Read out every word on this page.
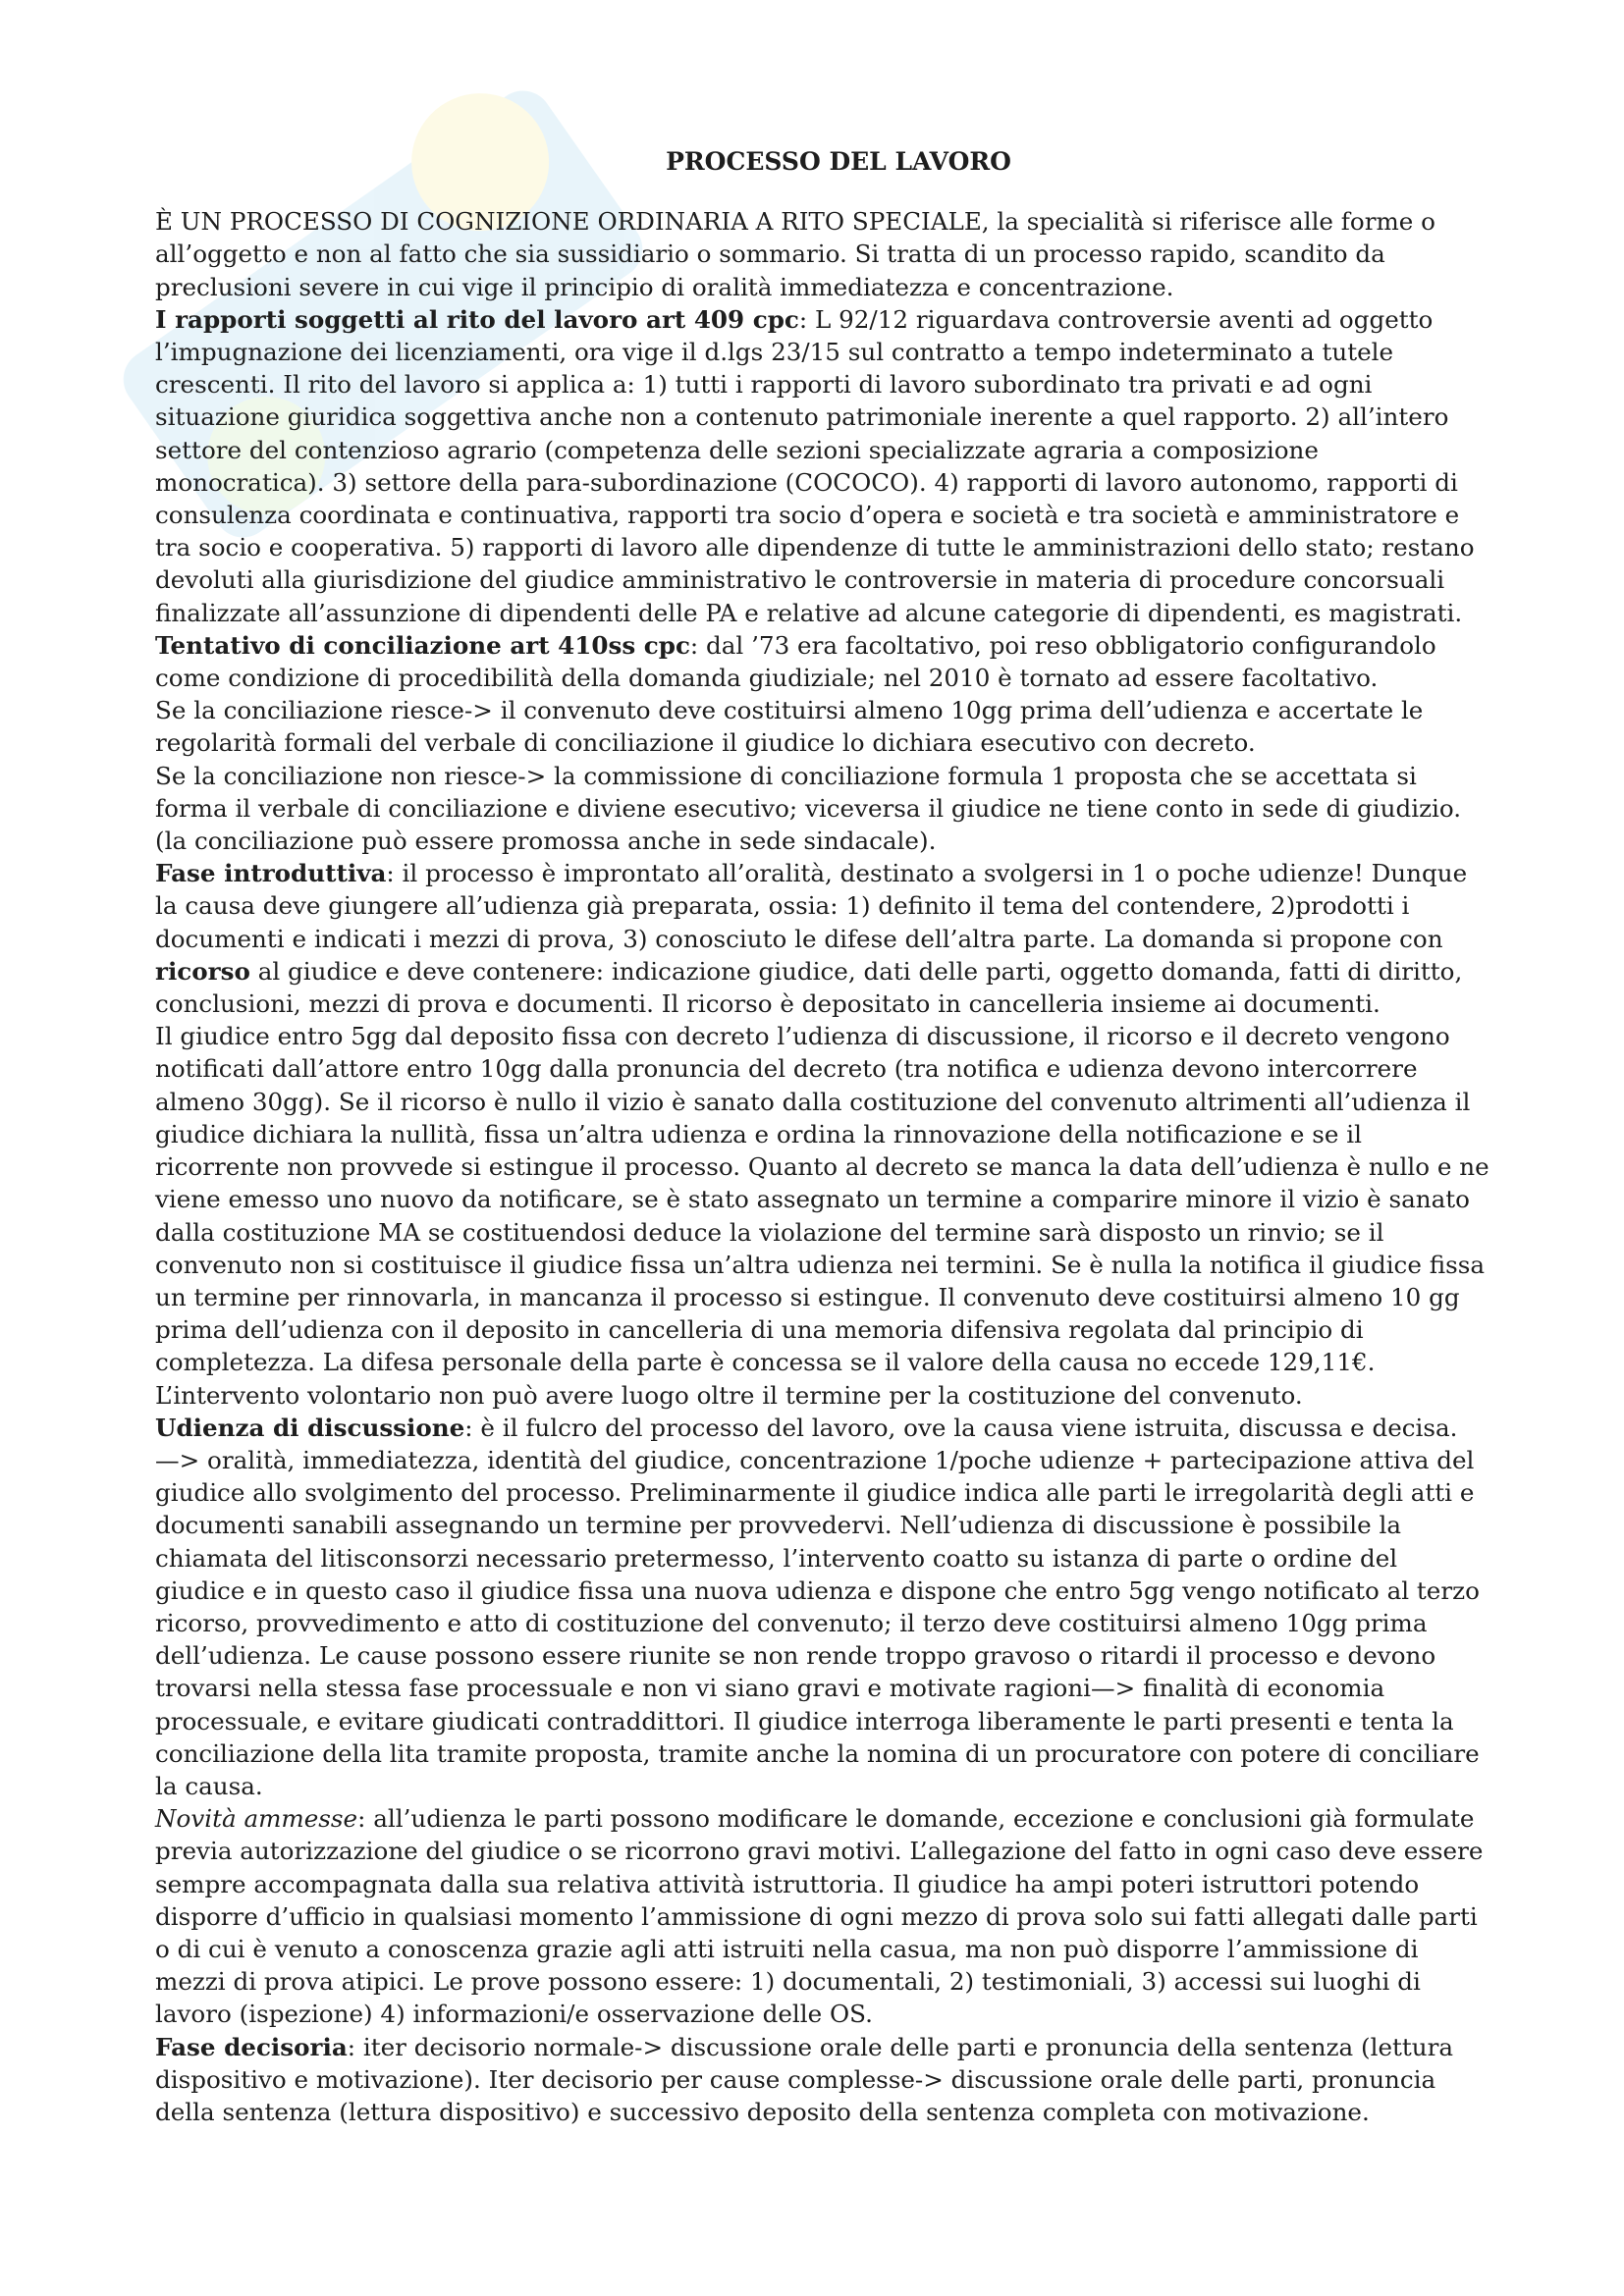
PROCESSO DEL LAVORO

È UN PROCESSO DI COGNIZIONE ORDINARIA A RITO SPECIALE, la specialità si riferisce alle forme o all’oggetto e non al fatto che sia sussidiario o sommario. Si tratta di un processo rapido, scandito da preclusioni severe in cui vige il principio di oralità immediatezza e concentrazione.

I rapporti soggetti al rito del lavoro art 409 cpc: L 92/12 riguardava controversie aventi ad oggetto l’impugnazione dei licenziamenti, ora vige il d.lgs 23/15 sul contratto a tempo indeterminato a tutele crescenti. Il rito del lavoro si applica a: 1) tutti i rapporti di lavoro subordinato tra privati e ad ogni situazione giuridica soggettiva anche non a contenuto patrimoniale inerente a quel rapporto. 2) all’intero settore del contenzioso agrario (competenza delle sezioni specializzate agraria a composizione monocratica). 3) settore della para-subordinazione (COCOCO). 4) rapporti di lavoro autonomo, rapporti di consulenza coordinata e continuativa, rapporti tra socio d’opera e società e tra società e amministratore e tra socio e cooperativa. 5) rapporti di lavoro alle dipendenze di tutte le amministrazioni dello stato; restano devoluti alla giurisdizione del giudice amministrativo le controversie in materia di procedure concorsuali finalizzate all’assunzione di dipendenti delle PA e relative ad alcune categorie di dipendenti, es magistrati.

Tentativo di conciliazione art 410ss cpc: dal ’73 era facoltativo, poi reso obbligatorio configurandolo come condizione di procedibilità della domanda giudiziale; nel 2010 è tornato ad essere facoltativo.

Se la conciliazione riesce-> il convenuto deve costituirsi almeno 10gg prima dell’udienza e accertate le regolarità formali del verbale di conciliazione il giudice lo dichiara esecutivo con decreto.

Se la conciliazione non riesce-> la commissione di conciliazione formula 1 proposta che se accettata si forma il verbale di conciliazione e diviene esecutivo; viceversa il giudice ne tiene conto in sede di giudizio.

(la conciliazione può essere promossa anche in sede sindacale).

Fase introduttiva: il processo è improntato all’oralità, destinato a svolgersi in 1 o poche udienze! Dunque la causa deve giungere all’udienza già preparata, ossia: 1) definito il tema del contendere, 2)prodotti i documenti e indicati i mezzi di prova, 3) conosciuto le difese dell’altra parte. La domanda si propone con ricorso al giudice e deve contenere: indicazione giudice, dati delle parti, oggetto domanda, fatti di diritto, conclusioni, mezzi di prova e documenti. Il ricorso è depositato in cancelleria insieme ai documenti.

Il giudice entro 5gg dal deposito fissa con decreto l’udienza di discussione, il ricorso e il decreto vengono notificati dall’attore entro 10gg dalla pronuncia del decreto (tra notifica e udienza devono intercorrere almeno 30gg). Se il ricorso è nullo il vizio è sanato dalla costituzione del convenuto altrimenti all’udienza il giudice dichiara la nullità, fissa un’altra udienza e ordina la rinnovazione della notificazione e se il ricorrente non provvede si estingue il processo. Quanto al decreto se manca la data dell’udienza è nullo e ne viene emesso uno nuovo da notificare, se è stato assegnato un termine a comparire minore il vizio è sanato dalla costituzione MA se costituendosi deduce la violazione del termine sarà disposto un rinvio; se il convenuto non si costituisce il giudice fissa un’altra udienza nei termini. Se è nulla la notifica il giudice fissa un termine per rinnovarla, in mancanza il processo si estingue. Il convenuto deve costituirsi almeno 10 gg prima dell’udienza con il deposito in cancelleria di una memoria difensiva regolata dal principio di completezza. La difesa personale della parte è concessa se il valore della causa no eccede 129,11€.

L’intervento volontario non può avere luogo oltre il termine per la costituzione del convenuto.

Udienza di discussione: è il fulcro del processo del lavoro, ove la causa viene istruita, discussa e decisa.

—> oralità, immediatezza, identità del giudice, concentrazione 1/poche udienze + partecipazione attiva del giudice allo svolgimento del processo. Preliminarmente il giudice indica alle parti le irregolarità degli atti e documenti sanabili assegnando un termine per provvedervi. Nell’udienza di discussione è possibile la chiamata del litisconsorzi necessario pretermesso, l’intervento coatto su istanza di parte o ordine del giudice e in questo caso il giudice fissa una nuova udienza e dispone che entro 5gg vengo notificato al terzo ricorso, provvedimento e atto di costituzione del convenuto; il terzo deve costituirsi almeno 10gg prima dell’udienza. Le cause possono essere riunite se non rende troppo gravoso o ritardi il processo e devono trovarsi nella stessa fase processuale e non vi siano gravi e motivate ragioni—> finalità di economia processuale, e evitare giudicati contraddittori. Il giudice interroga liberamente le parti presenti e tenta la conciliazione della lita tramite proposta, tramite anche la nomina di un procuratore con potere di conciliare la causa.

Novità ammesse: all’udienza le parti possono modificare le domande, eccezione e conclusioni già formulate previa autorizzazione del giudice o se ricorrono gravi motivi. L’allegazione del fatto in ogni caso deve essere sempre accompagnata dalla sua relativa attività istruttoria. Il giudice ha ampi poteri istruttori potendo disporre d’ufficio in qualsiasi momento l’ammissione di ogni mezzo di prova solo sui fatti allegati dalle parti o di cui è venuto a conoscenza grazie agli atti istruiti nella casua, ma non può disporre l’ammissione di mezzi di prova atipici. Le prove possono essere: 1) documentali, 2) testimoniali, 3) accessi sui luoghi di lavoro (ispezione) 4) informazioni/e osservazione delle OS.

Fase decisoria: iter decisorio normale-> discussione orale delle parti e pronuncia della sentenza (lettura dispositivo e motivazione). Iter decisorio per cause complesse-> discussione orale delle parti, pronuncia della sentenza (lettura dispositivo) e successivo deposito della sentenza completa con motivazione.
